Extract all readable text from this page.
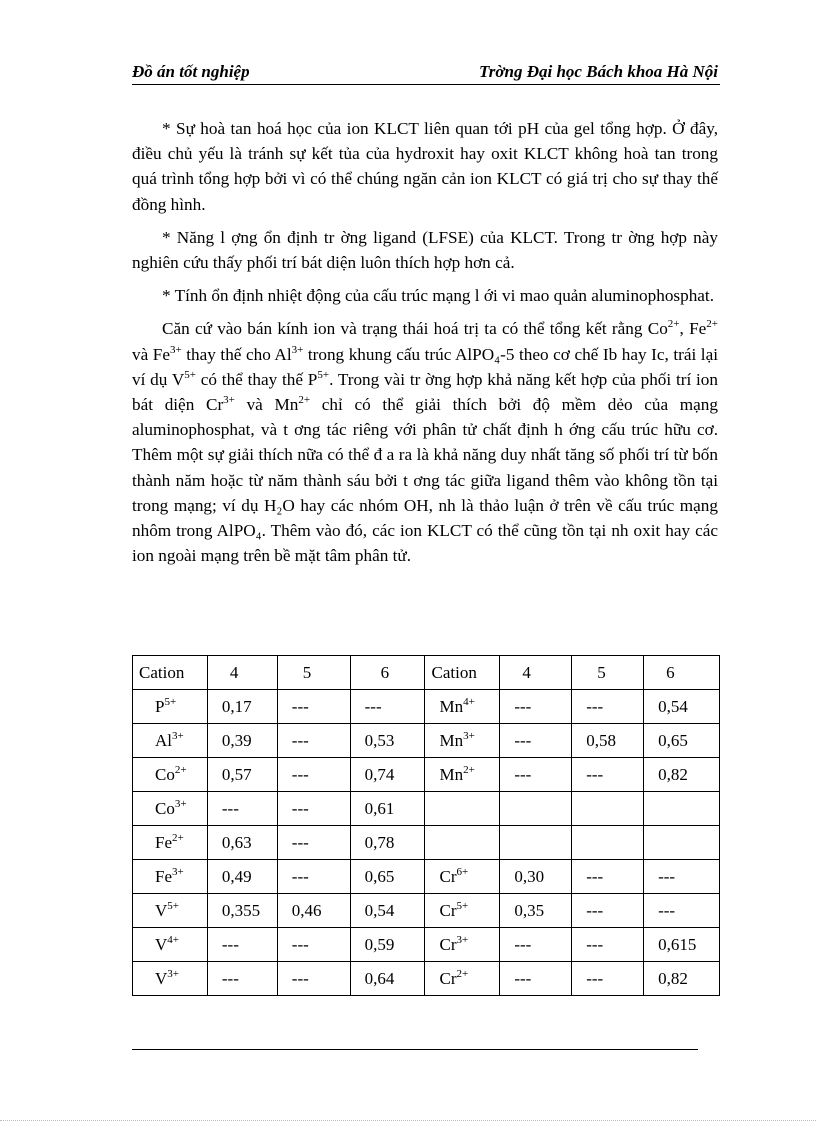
Đồ án tốt nghiệp	Trờng Đại học Bách khoa Hà Nội

* Sự hoà tan hoá học của ion KLCT liên quan tới pH của gel tổng hợp. Ở đây, điều chủ yếu là tránh sự kết tủa của hydroxit hay oxit KLCT không hoà tan trong quá trình tổng hợp bởi vì có thể chúng ngăn cản ion KLCT có giá trị cho sự thay thế đồng hình.

* Năng l ợng ổn định tr ờng ligand (LFSE) của KLCT. Trong tr ờng hợp này nghiên cứu thấy phối trí bát diện luôn thích hợp hơn cả.

* Tính ổn định nhiệt động của cấu trúc mạng l ới vi mao quản aluminophosphat.

Căn cứ vào bán kính ion và trạng thái hoá trị ta có thể tổng kết rằng $Co^{2+}$, $Fe^{2+}$ và $Fe^{3+}$ thay thế cho $Al^{3+}$ trong khung cấu trúc AlPO₄-5 theo cơ chế Ib hay Ic, trái lại ví dụ $V^{5+}$ có thể thay thế $P^{5+}$. Trong vài tr ờng hợp khả năng kết hợp của phối trí ion bát diện $Cr^{3+}$ và $Mn^{2+}$ chỉ có thể giải thích bởi độ mềm dẻo của mạng aluminophosphat, và t ơng tác riêng với phân tử chất định h ớng cấu trúc hữu cơ. Thêm một sự giải thích nữa có thể đ a ra là khả năng duy nhất tăng số phối trí từ bốn thành năm hoặc từ năm thành sáu bởi t ơng tác giữa ligand thêm vào không tồn tại trong mạng; ví dụ H₂O hay các nhóm OH, nh là thảo luận ở trên về cấu trúc mạng nhôm trong AlPO₄. Thêm vào đó, các ion KLCT có thể cũng tồn tại nh oxit hay các ion ngoài mạng trên bề mặt tâm phân tử.

Cation	4	5	6	Cation	4	5	6
$P^{5+}$	0,17	---	---	$Mn^{4+}$	---	---	0,54
$Al^{3+}$	0,39	---	0,53	$Mn^{3+}$	---	0,58	0,65
$Co^{2+}$	0,57	---	0,74	$Mn^{2+}$	---	---	0,82
$Co^{3+}$	---	---	0,61				
$Fe^{2+}$	0,63	---	0,78				
$Fe^{3+}$	0,49	---	0,65	$Cr^{6+}$	0,30	---	---
$V^{5+}$	0,355	0,46	0,54	$Cr^{5+}$	0,35	---	---
$V^{4+}$	---	---	0,59	$Cr^{3+}$	---	---	0,615
$V^{3+}$	---	---	0,64	$Cr^{2+}$	---	---	0,82
